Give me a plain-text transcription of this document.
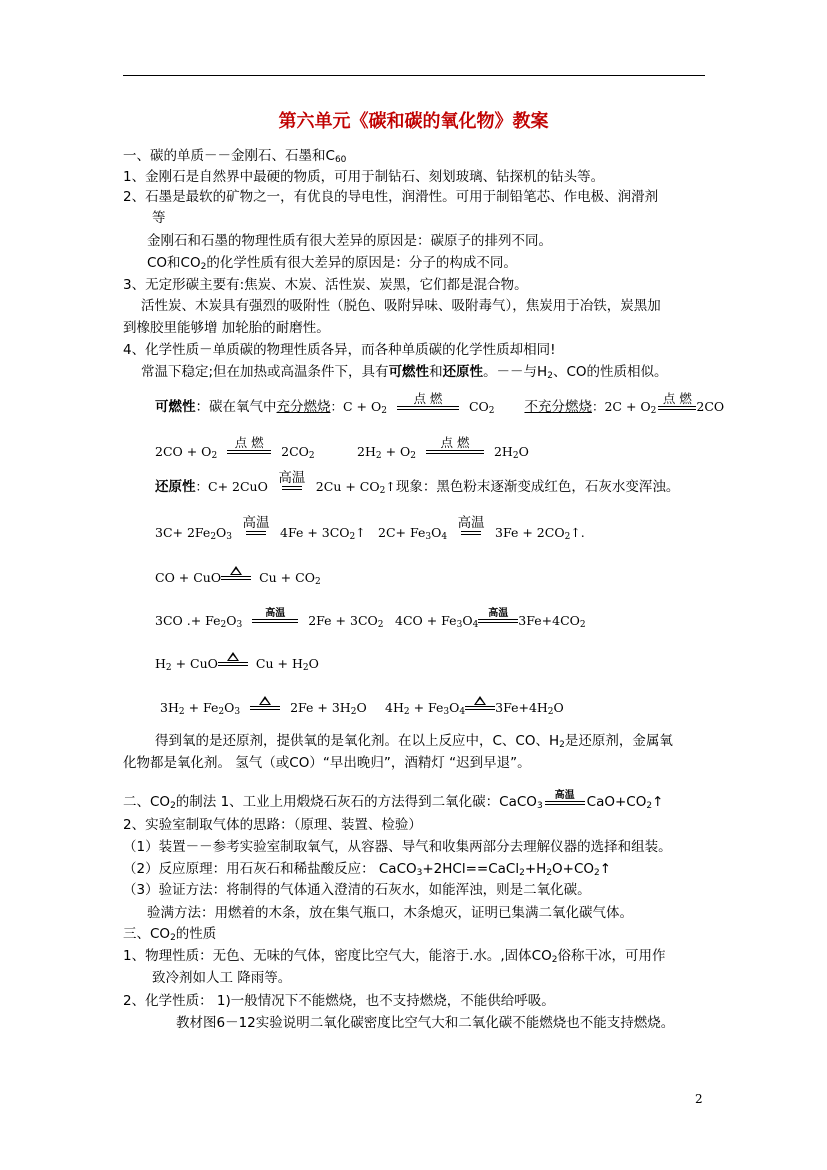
第六单元《碳和碳的氧化物》教案
一、碳的单质－－金刚石、石墨和$C_{60}$
1、金刚石是自然界中最硬的物质，可用于制钻石、刻划玻璃、钻探机的钻头等。
2、石墨是最软的矿物之一，有优良的导电性，润滑性。可用于制铅笔芯、作电极、润滑剂
等
金刚石和石墨的物理性质有很大差异的原因是：碳原子的排列不同。
CO和$CO_2$的化学性质有很大差异的原因是：分子的构成不同。
3、无定形碳主要有:焦炭、木炭、活性炭、炭黑，它们都是混合物。
活性炭、木炭具有强烈的吸附性（脱色、吸附异味、吸附毒气），焦炭用于冶铁，炭黑加
到橡胶里能够增 加轮胎的耐磨性。
4、化学性质－单质碳的物理性质各异，而各种单质碳的化学性质却相同!
常温下稳定;但在加热或高温条件下，具有可燃性和还原性。－－与$H_2$、CO的性质相似。
可燃性：碳在氧气中充分燃烧：$C + O_2$
点 燃
$CO_2$ 不充分燃烧：$2C + O_2$
点 燃
2CO
$2CO + O_2$
点 燃
$2CO_2$	$2H_2 + O_2$
点 燃
$2H_2O$
还原性：C+ 2CuO
高温
$2Cu + CO_2↑$现象：黑色粉末逐渐变成红色，石灰水变浑浊。
$3C+ 2Fe_2O_3$
高温
$4Fe + 3CO_2↑$ $2C+ Fe_3O_4$
高温
$3Fe + 2CO_2↑$.
CO + CuO	$Cu + CO_2$
3CO .+ $Fe_2O_3$
高温	$2Fe + 3CO_2$ $4CO + Fe_3O_4$
高温 $3Fe+4CO_2$
$H_2$ + CuO	$Cu + H_2O$
$3H_2 + Fe_2O_3$	$2Fe + 3H_2O$ $4H_2 + Fe_3O_4$ $3Fe+4H_2O$
得到氧的是还原剂，提供氧的是氧化剂。在以上反应中，C、CO、$H_2$是还原剂，金属氧
化物都是氧化剂。 氢气（或CO）“早出晚归”，酒精灯 “迟到早退”。
二、$CO_2$的制法 1、工业上用煅烧石灰石的方法得到二氧化碳：CaCO$_3$
高温 $CaO+CO_2↑$
2、实验室制取气体的思路：（原理、装置、检验）
（1）装置－－参考实验室制取氧气，从容器、导气和收集两部分去理解仪器的选择和组装。
（2）反应原理：用石灰石和稀盐酸反应： $CaCO_3+2HCl==CaCl_2+H_2O+CO_2↑$
（3）验证方法：将制得的气体通入澄清的石灰水，如能浑浊，则是二氧化碳。
验满方法：用燃着的木条，放在集气瓶口，木条熄灭，证明已集满二氧化碳气体。
三、$CO_2$的性质
1、物理性质：无色、无味的气体，密度比空气大，能溶于.水。,固体$CO_2$俗称干冰，可用作
致冷剂如人工 降雨等。
2、化学性质： 1)一般情况下不能燃烧，也不支持燃烧，不能供给呼吸。
教材图6－12实验说明二氧化碳密度比空气大和二氧化碳不能燃烧也不能支持燃烧。
2
